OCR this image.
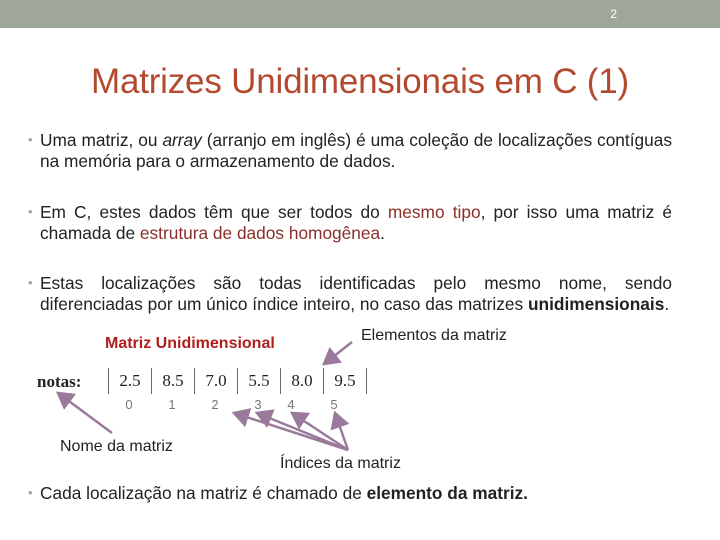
2
Matrizes Unidimensionais em C (1)
• Uma matriz, ou array (arranjo em inglês) é uma coleção de localizações contíguas na memória para o armazenamento de dados.
• Em C, estes dados têm que ser todos do mesmo tipo, por isso uma matriz é chamada de estrutura de dados homogênea.
• Estas localizações são todas identificadas pelo mesmo nome, sendo diferenciadas por um único índice inteiro, no caso das matrizes unidimensionais.
Matriz Unidimensional	Elementos da matriz
notas:	2.5	8.5	7.0	5.5	8.0	9.5
0	1	2	3	4	5
Nome da matriz
Índices da matriz
• Cada localização na matriz é chamado de elemento da matriz.
